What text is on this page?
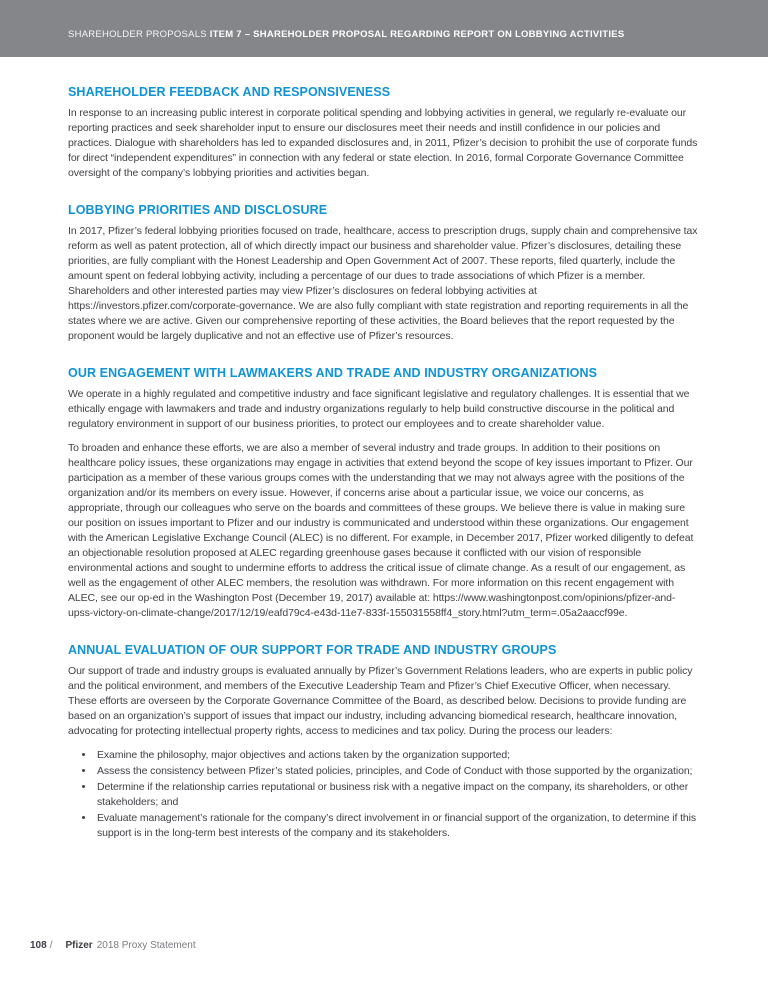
SHAREHOLDER PROPOSALS ITEM 7 – SHAREHOLDER PROPOSAL REGARDING REPORT ON LOBBYING ACTIVITIES
SHAREHOLDER FEEDBACK AND RESPONSIVENESS

In response to an increasing public interest in corporate political spending and lobbying activities in general, we regularly re-evaluate our reporting practices and seek shareholder input to ensure our disclosures meet their needs and instill confidence in our policies and practices. Dialogue with shareholders has led to expanded disclosures and, in 2011, Pfizer’s decision to prohibit the use of corporate funds for direct “independent expenditures” in connection with any federal or state election. In 2016, formal Corporate Governance Committee oversight of the company’s lobbying priorities and activities began.

LOBBYING PRIORITIES AND DISCLOSURE

In 2017, Pfizer’s federal lobbying priorities focused on trade, healthcare, access to prescription drugs, supply chain and comprehensive tax reform as well as patent protection, all of which directly impact our business and shareholder value. Pfizer’s disclosures, detailing these priorities, are fully compliant with the Honest Leadership and Open Government Act of 2007. These reports, filed quarterly, include the amount spent on federal lobbying activity, including a percentage of our dues to trade associations of which Pfizer is a member. Shareholders and other interested parties may view Pfizer’s disclosures on federal lobbying activities at https://investors.pfizer.com/corporate-governance. We are also fully compliant with state registration and reporting requirements in all the states where we are active. Given our comprehensive reporting of these activities, the Board believes that the report requested by the proponent would be largely duplicative and not an effective use of Pfizer’s resources.

OUR ENGAGEMENT WITH LAWMAKERS AND TRADE AND INDUSTRY ORGANIZATIONS

We operate in a highly regulated and competitive industry and face significant legislative and regulatory challenges. It is essential that we ethically engage with lawmakers and trade and industry organizations regularly to help build constructive discourse in the political and regulatory environment in support of our business priorities, to protect our employees and to create shareholder value.

To broaden and enhance these efforts, we are also a member of several industry and trade groups. In addition to their positions on healthcare policy issues, these organizations may engage in activities that extend beyond the scope of key issues important to Pfizer. Our participation as a member of these various groups comes with the understanding that we may not always agree with the positions of the organization and/or its members on every issue. However, if concerns arise about a particular issue, we voice our concerns, as appropriate, through our colleagues who serve on the boards and committees of these groups. We believe there is value in making sure our position on issues important to Pfizer and our industry is communicated and understood within these organizations. Our engagement with the American Legislative Exchange Council (ALEC) is no different. For example, in December 2017, Pfizer worked diligently to defeat an objectionable resolution proposed at ALEC regarding greenhouse gases because it conflicted with our vision of responsible environmental actions and sought to undermine efforts to address the critical issue of climate change. As a result of our engagement, as well as the engagement of other ALEC members, the resolution was withdrawn. For more information on this recent engagement with ALEC, see our op-ed in the Washington Post (December 19, 2017) available at: https://www.washingtonpost.com/opinions/pfizer-and-upss-victory-on-climate-change/2017/12/19/eafd79c4-e43d-11e7-833f-155031558ff4_story.html?utm_term=.05a2aaccf99e.

ANNUAL EVALUATION OF OUR SUPPORT FOR TRADE AND INDUSTRY GROUPS

Our support of trade and industry groups is evaluated annually by Pfizer’s Government Relations leaders, who are experts in public policy and the political environment, and members of the Executive Leadership Team and Pfizer’s Chief Executive Officer, when necessary. These efforts are overseen by the Corporate Governance Committee of the Board, as described below. Decisions to provide funding are based on an organization’s support of issues that impact our industry, including advancing biomedical research, healthcare innovation, advocating for protecting intellectual property rights, access to medicines and tax policy. During the process our leaders:

• Examine the philosophy, major objectives and actions taken by the organization supported;
• Assess the consistency between Pfizer’s stated policies, principles, and Code of Conduct with those supported by the organization;
• Determine if the relationship carries reputational or business risk with a negative impact on the company, its shareholders, or other stakeholders; and
• Evaluate management’s rationale for the company’s direct involvement in or financial support of the organization, to determine if this support is in the long-term best interests of the company and its stakeholders.
108 / Pfizer 2018 Proxy Statement
